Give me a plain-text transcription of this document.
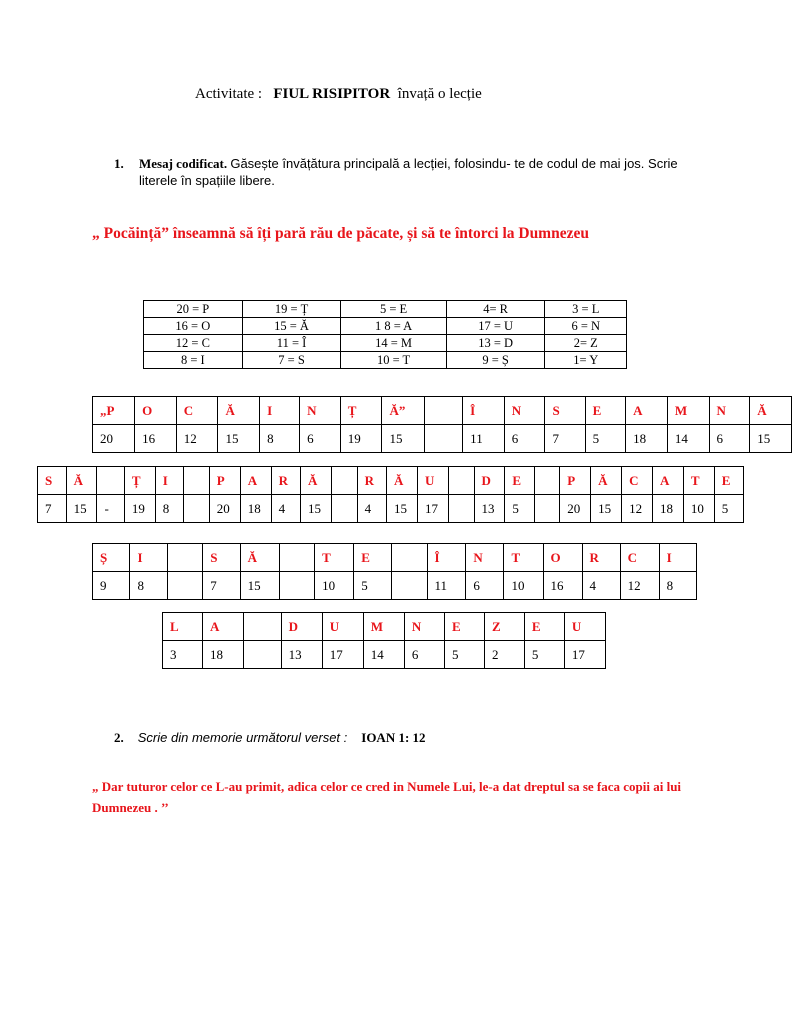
Activitate : FIUL RISIPITOR învață o lecție
1. Mesaj codificat. Găsește învățătura principală a lecției, folosindu- te de codul de mai jos. Scrie literele în spațiile libere.
„ Pocăință” înseamnă să îți pară rău de păcate, și să te întorci la Dumnezeu
20 = P	19 = Ț	5 = E	4= R	3 = L
16 = O	15 = Ă	1 8 = A	17 = U	6 = N
12 = C	11 = Î	14 = M	13 = D	2= Z
8 = I	7 = S	10 = T	9 = Ș	1= Y
„P	O	C	Ă	I	N	Ț	Ă”		Î	N	S	E	A	M	N	Ă
20	16	12	15	8	6	19	15		11	6	7	5	18	14	6	15
S	Ă		Ț	I		P	A	R	Ă		R	Ă	U		D	E		P	Ă	C	A	T	E
7	15	-	19	8		20	18	4	15		4	15	17		13	5		20	15	12	18	10	5
Ș	I		S	Ă		T	E		Î	N	T	O	R	C	I
9	8		7	15		10	5		11	6	10	16	4	12	8
L	A		D	U	M	N	E	Z	E	U
3	18		13	17	14	6	5	2	5	17
2. Scrie din memorie următorul verset : IOAN 1: 12
„ Dar tuturor celor ce L-au primit, adica celor ce cred in Numele Lui, le-a dat dreptul sa se faca copii ai lui Dumnezeu . ’’
